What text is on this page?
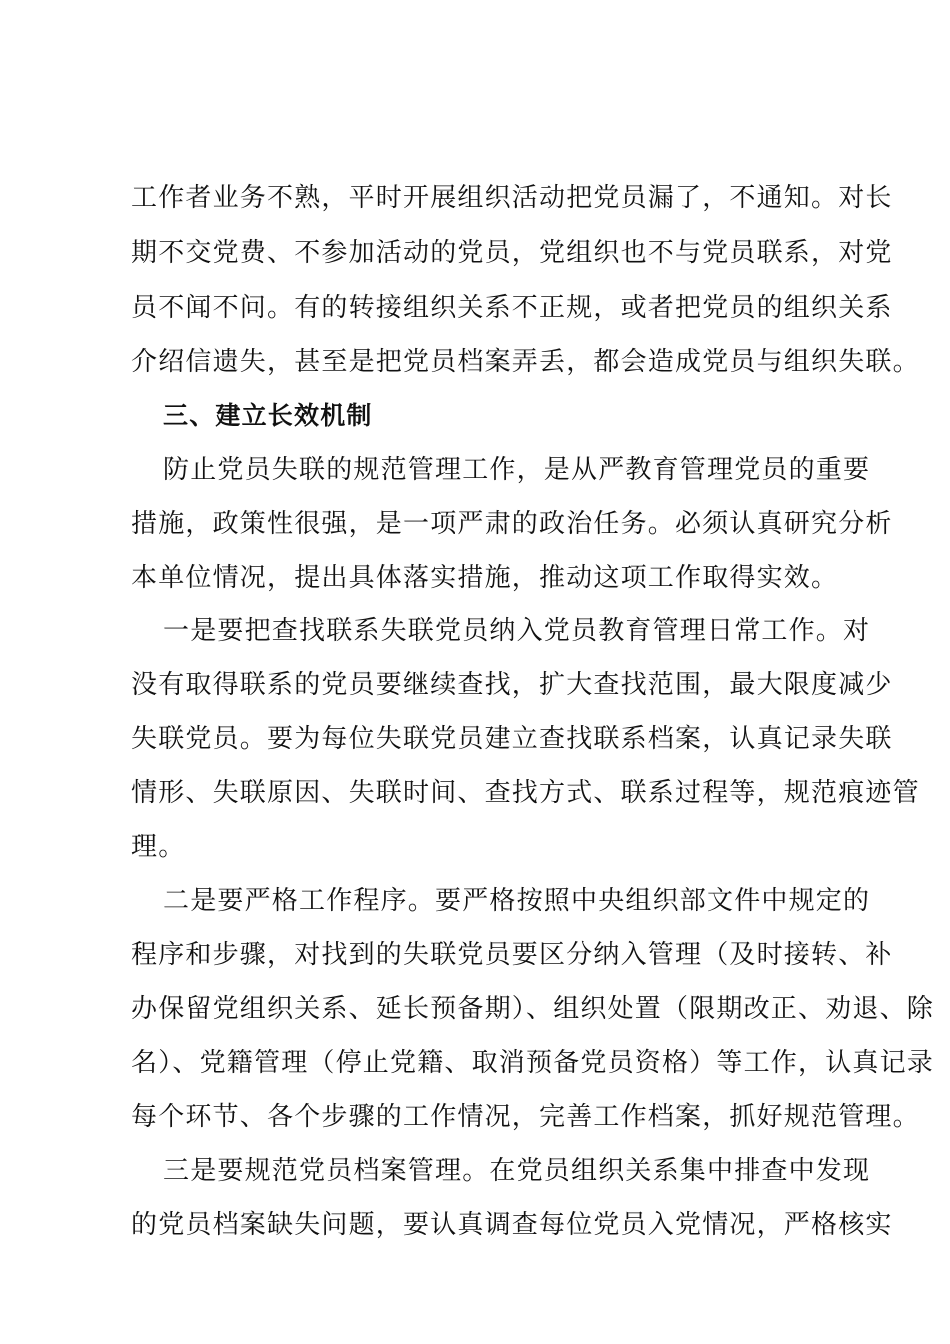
工作者业务不熟，平时开展组织活动把党员漏了，不通知。对长
期不交党费、不参加活动的党员，党组织也不与党员联系，对党
员不闻不问。有的转接组织关系不正规，或者把党员的组织关系
介绍信遗失，甚至是把党员档案弄丢，都会造成党员与组织失联。
三、建立长效机制
防止党员失联的规范管理工作，是从严教育管理党员的重要
措施，政策性很强，是一项严肃的政治任务。必须认真研究分析
本单位情况，提出具体落实措施，推动这项工作取得实效。
一是要把查找联系失联党员纳入党员教育管理日常工作。对
没有取得联系的党员要继续查找，扩大查找范围，最大限度减少
失联党员。要为每位失联党员建立查找联系档案，认真记录失联
情形、失联原因、失联时间、查找方式、联系过程等，规范痕迹管
理。
二是要严格工作程序。要严格按照中央组织部文件中规定的
程序和步骤，对找到的失联党员要区分纳入管理（及时接转、补
办保留党组织关系、延长预备期）、组织处置（限期改正、劝退、除
名）、党籍管理（停止党籍、取消预备党员资格）等工作，认真记录
每个环节、各个步骤的工作情况，完善工作档案，抓好规范管理。
三是要规范党员档案管理。在党员组织关系集中排查中发现
的党员档案缺失问题，要认真调查每位党员入党情况，严格核实
